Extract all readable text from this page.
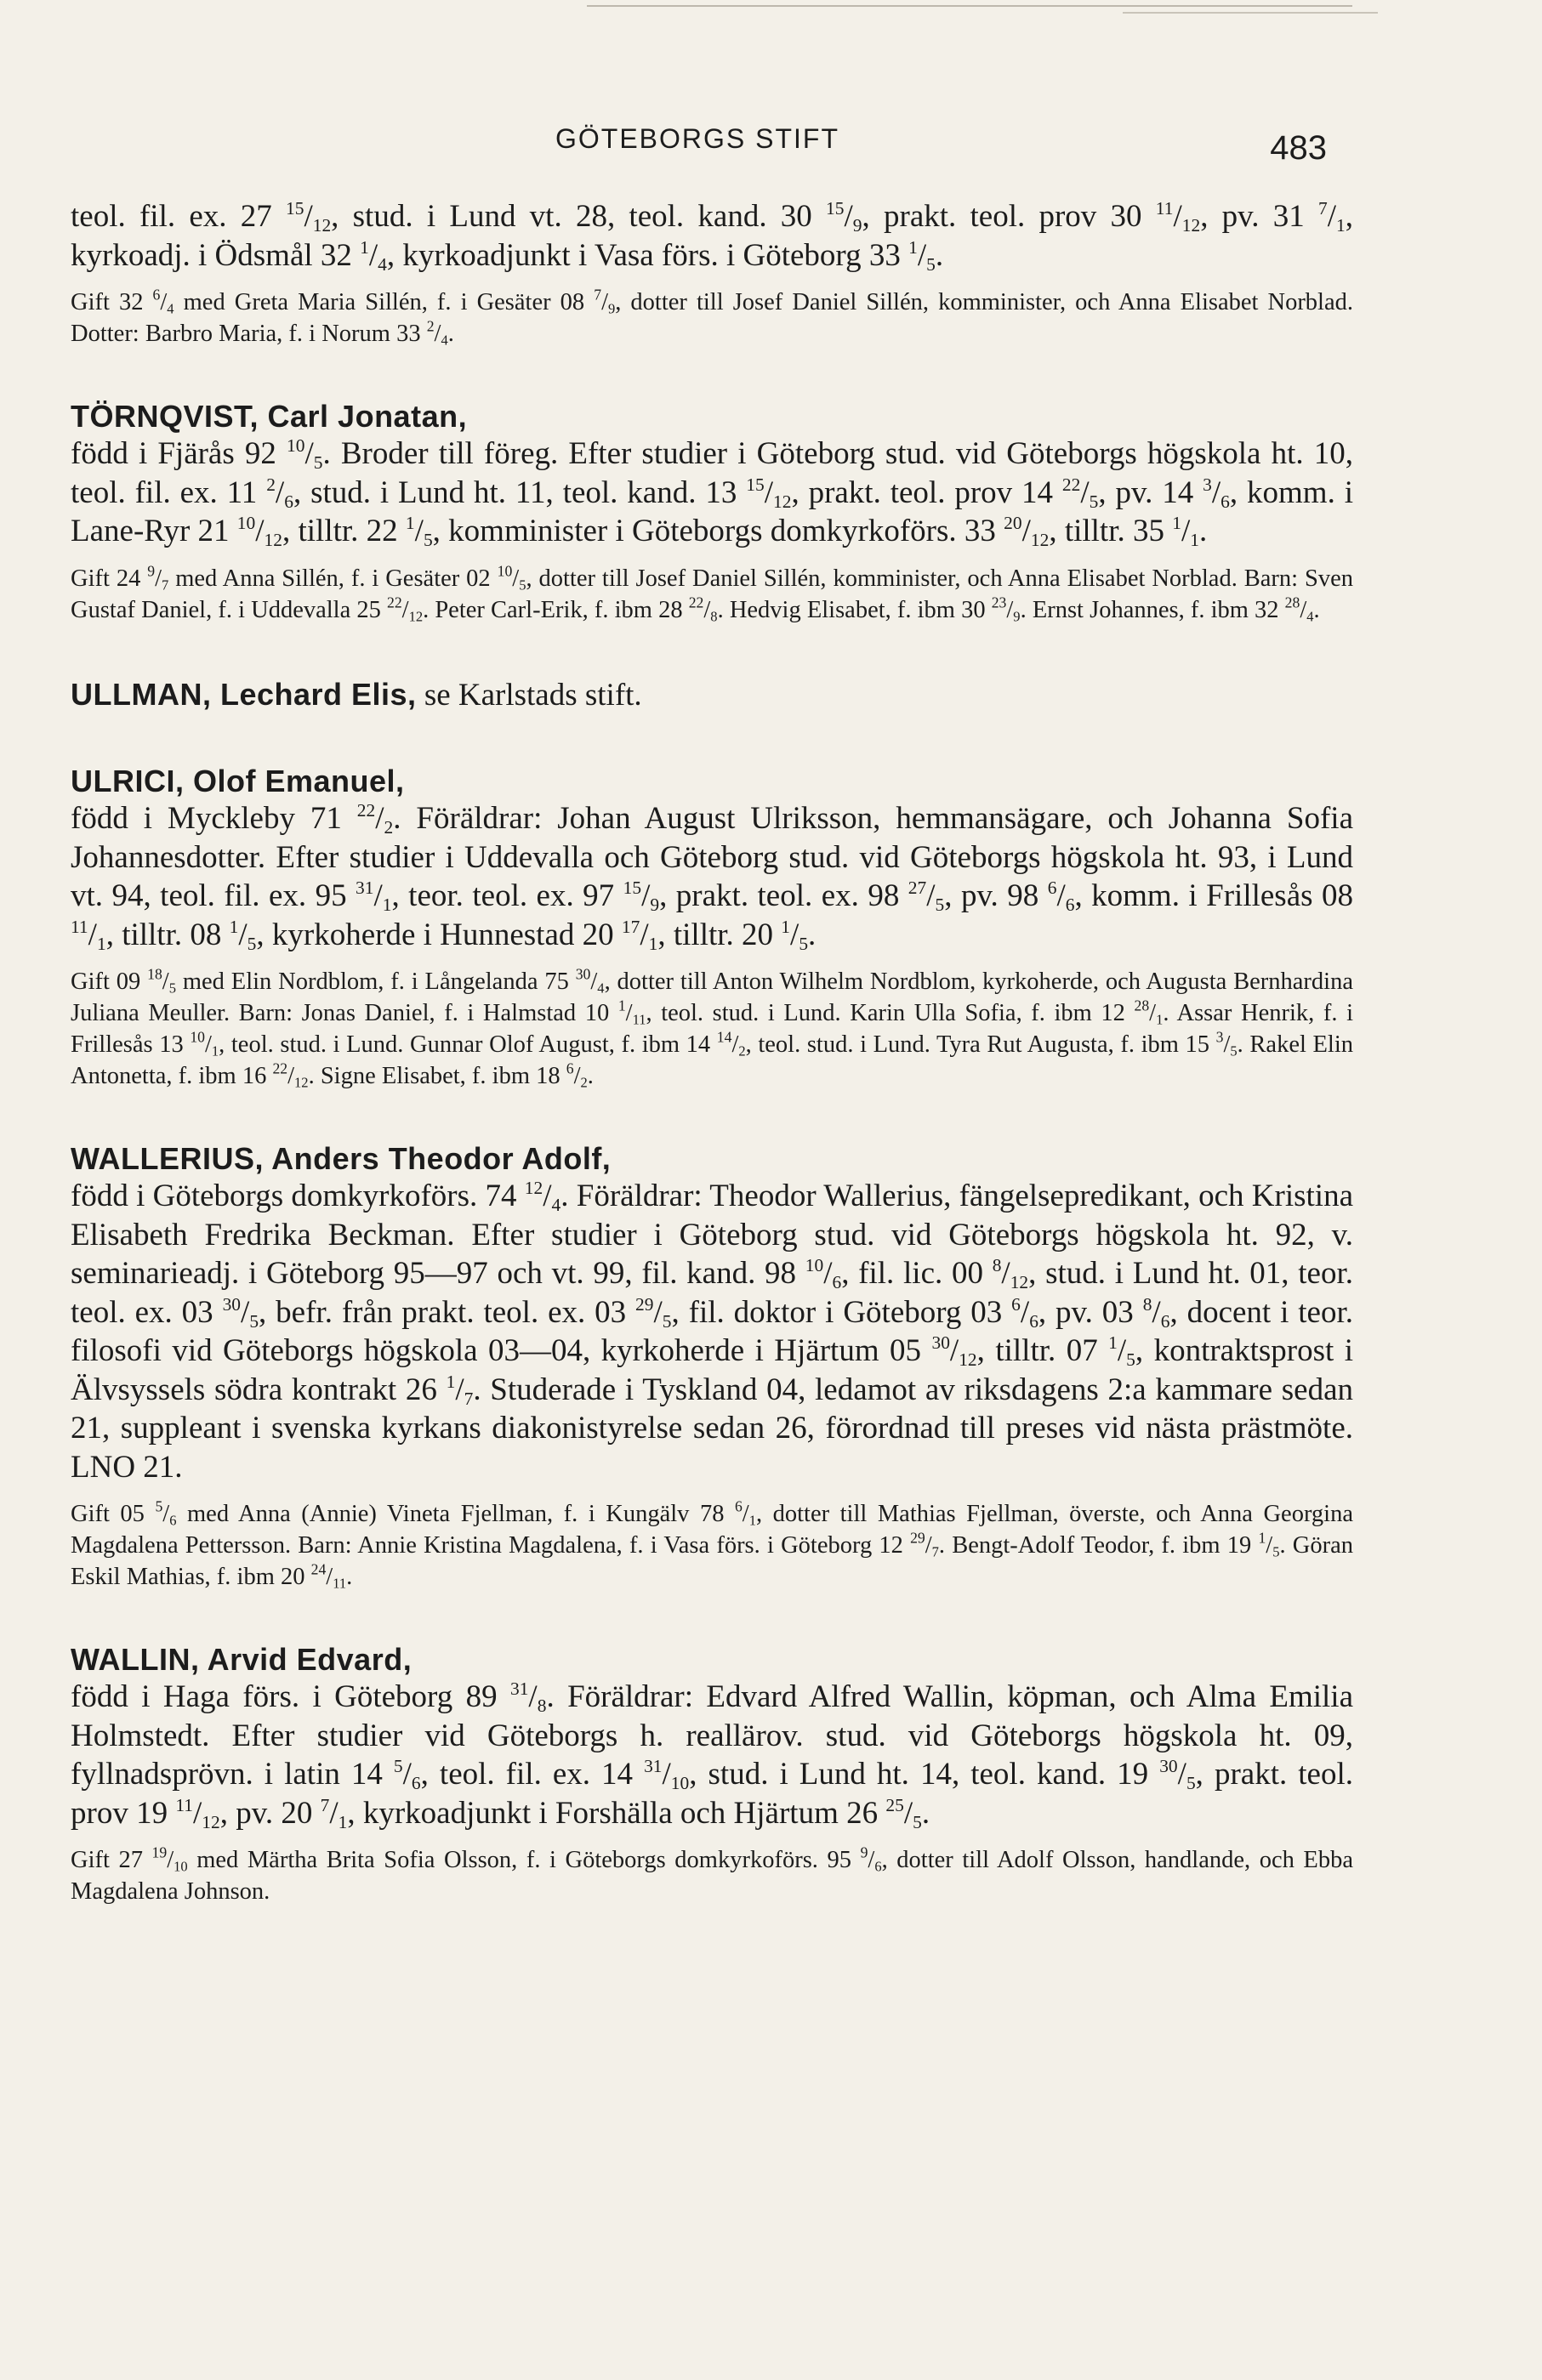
GÖTEBORGS STIFT	483

teol. fil. ex. 27 $^{15}/_{12}$, stud. i Lund vt. 28, teol. kand. 30 $^{15}/_9$, prakt. teol. prov 30 $^{11}/_{12}$, pv. 31 $^7/_1$, kyrkoadj. i Ödsmål 32 $^1/_4$, kyrkoadjunkt i Vasa förs. i Göteborg 33 $^1/_5$.

Gift 32 $^6/_4$ med Greta Maria Sillén, f. i Gesäter 08 $^7/_9$, dotter till Josef Daniel Sillén, komminister, och Anna Elisabet Norblad. Dotter: Barbro Maria, f. i Norum 33 $^2/_4$.

TÖRNQVIST, Carl Jonatan,

född i Fjärås 92 $^{10}/_5$. Broder till föreg. Efter studier i Göteborg stud. vid Göteborgs högskola ht. 10, teol. fil. ex. 11 $^2/_6$, stud. i Lund ht. 11, teol. kand. 13 $^{15}/_{12}$, prakt. teol. prov 14 $^{22}/_5$, pv. 14 $^3/_6$, komm. i Lane-Ryr 21 $^{10}/_{12}$, tilltr. 22 $^1/_5$, komminister i Göteborgs domkyrkoförs. 33 $^{20}/_{12}$, tilltr. 35 $^1/_1$.

Gift 24 $^9/_7$ med Anna Sillén, f. i Gesäter 02 $^{10}/_5$, dotter till Josef Daniel Sillén, komminister, och Anna Elisabet Norblad. Barn: Sven Gustaf Daniel, f. i Uddevalla 25 $^{22}/_{12}$. Peter Carl-Erik, f. ibm 28 $^{22}/_8$. Hedvig Elisabet, f. ibm 30 $^{23}/_9$. Ernst Johannes, f. ibm 32 $^{28}/_4$.

ULLMAN, Lechard Elis, se Karlstads stift.

ULRICI, Olof Emanuel,

född i Myckleby 71 $^{22}/_2$. Föräldrar: Johan August Ulriksson, hemmansägare, och Johanna Sofia Johannesdotter. Efter studier i Uddevalla och Göteborg stud. vid Göteborgs högskola ht. 93, i Lund vt. 94, teol. fil. ex. 95 $^{31}/_1$, teor. teol. ex. 97 $^{15}/_9$, prakt. teol. ex. 98 $^{27}/_5$, pv. 98 $^6/_6$, komm. i Frillesås 08 $^{11}/_1$, tilltr. 08 $^1/_5$, kyrkoherde i Hunnestad 20 $^{17}/_1$, tilltr. 20 $^1/_5$.

Gift 09 $^{18}/_5$ med Elin Nordblom, f. i Långelanda 75 $^{30}/_4$, dotter till Anton Wilhelm Nordblom, kyrkoherde, och Augusta Bernhardina Juliana Meuller. Barn: Jonas Daniel, f. i Halmstad 10 $^1/_{11}$, teol. stud. i Lund. Karin Ulla Sofia, f. ibm 12 $^{28}/_1$. Assar Henrik, f. i Frillesås 13 $^{10}/_1$, teol. stud. i Lund. Gunnar Olof August, f. ibm 14 $^{14}/_2$, teol. stud. i Lund. Tyra Rut Augusta, f. ibm 15 $^3/_5$. Rakel Elin Antonetta, f. ibm 16 $^{22}/_{12}$. Signe Elisabet, f. ibm 18 $^6/_2$.

WALLERIUS, Anders Theodor Adolf,

född i Göteborgs domkyrkoförs. 74 $^{12}/_4$. Föräldrar: Theodor Wallerius, fängelsepredikant, och Kristina Elisabeth Fredrika Beckman. Efter studier i Göteborg stud. vid Göteborgs högskola ht. 92, v. seminarieadj. i Göteborg 95—97 och vt. 99, fil. kand. 98 $^{10}/_6$, fil. lic. 00 $^8/_{12}$, stud. i Lund ht. 01, teor. teol. ex. 03 $^{30}/_5$, befr. från prakt. teol. ex. 03 $^{29}/_5$, fil. doktor i Göteborg 03 $^6/_6$, pv. 03 $^8/_6$, docent i teor. filosofi vid Göteborgs högskola 03—04, kyrkoherde i Hjärtum 05 $^{30}/_{12}$, tilltr. 07 $^1/_5$, kontraktsprost i Älvsyssels södra kontrakt 26 $^1/_7$. Studerade i Tyskland 04, ledamot av riksdagens 2:a kammare sedan 21, suppleant i svenska kyrkans diakonistyrelse sedan 26, förordnad till preses vid nästa prästmöte. LNO 21.

Gift 05 $^5/_6$ med Anna (Annie) Vineta Fjellman, f. i Kungälv 78 $^6/_1$, dotter till Mathias Fjellman, överste, och Anna Georgina Magdalena Pettersson. Barn: Annie Kristina Magdalena, f. i Vasa förs. i Göteborg 12 $^{29}/_7$. Bengt-Adolf Teodor, f. ibm 19 $^1/_5$. Göran Eskil Mathias, f. ibm 20 $^{24}/_{11}$.

WALLIN, Arvid Edvard,

född i Haga förs. i Göteborg 89 $^{31}/_8$. Föräldrar: Edvard Alfred Wallin, köpman, och Alma Emilia Holmstedt. Efter studier vid Göteborgs h. reallärov. stud. vid Göteborgs högskola ht. 09, fyllnadsprövn. i latin 14 $^5/_6$, teol. fil. ex. 14 $^{31}/_{10}$, stud. i Lund ht. 14, teol. kand. 19 $^{30}/_5$, prakt. teol. prov 19 $^{11}/_{12}$, pv. 20 $^7/_1$, kyrkoadjunkt i Forshälla och Hjärtum 26 $^{25}/_5$.

Gift 27 $^{19}/_{10}$ med Märtha Brita Sofia Olsson, f. i Göteborgs domkyrkoförs. 95 $^9/_6$, dotter till Adolf Olsson, handlande, och Ebba Magdalena Johnson.
